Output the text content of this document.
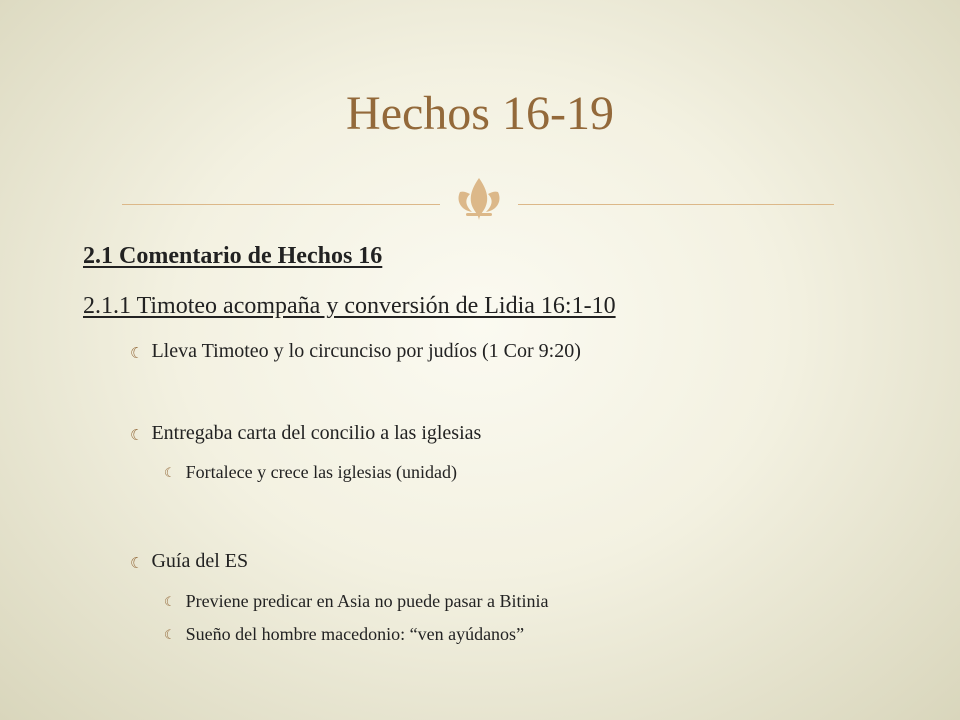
Hechos 16-19
2.1 Comentario de Hechos 16
2.1.1 Timoteo acompaña y conversión de Lidia 16:1-10
☾ Lleva Timoteo y lo circunciso por judíos (1 Cor 9:20)
☾ Entregaba carta del concilio a las iglesias
☾ Fortalece y crece las iglesias (unidad)
☾ Guía del ES
☾ Previene predicar en Asia no puede pasar a Bitinia
☾ Sueño del hombre macedonio: “ven ayúdanos”
